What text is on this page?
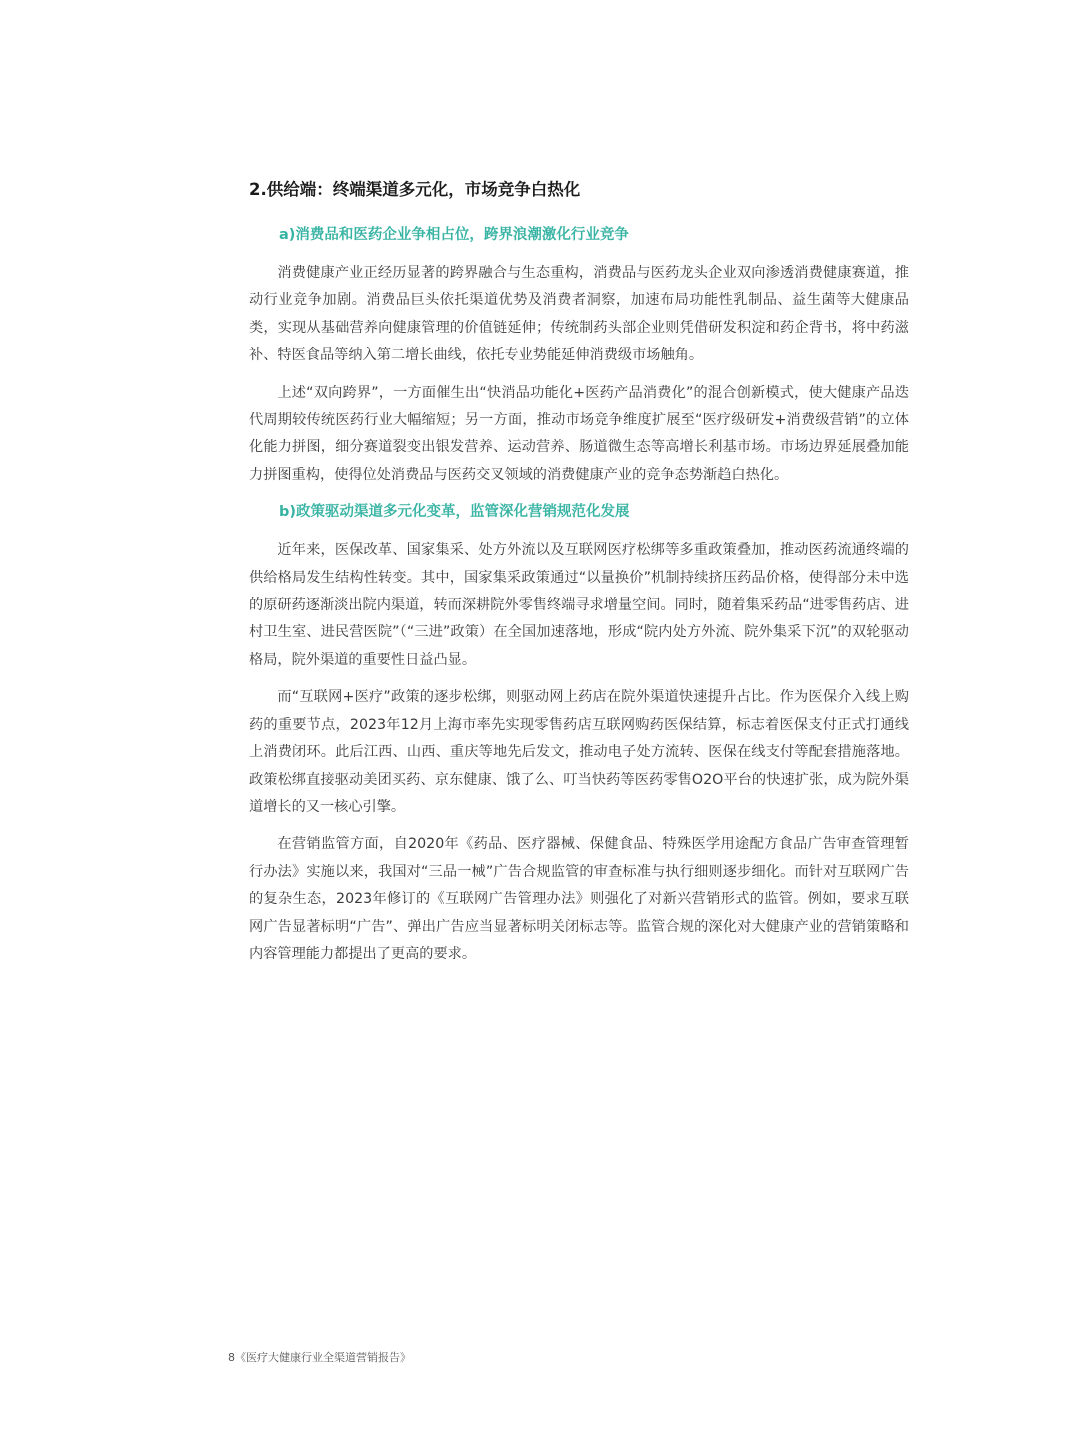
2.供给端：终端渠道多元化，市场竞争白热化
a)消费品和医药企业争相占位，跨界浪潮激化行业竞争

消费健康产业正经历显著的跨界融合与生态重构，消费品与医药龙头企业双向渗透消费健康赛道，推动行业竞争加剧。消费品巨头依托渠道优势及消费者洞察，加速布局功能性乳制品、益生菌等大健康品类，实现从基础营养向健康管理的价值链延伸；传统制药头部企业则凭借研发积淀和药企背书，将中药滋补、特医食品等纳入第二增长曲线，依托专业势能延伸消费级市场触角。

上述“双向跨界”，一方面催生出“快消品功能化+医药产品消费化”的混合创新模式，使大健康产品迭代周期较传统医药行业大幅缩短；另一方面，推动市场竞争维度扩展至“医疗级研发+消费级营销”的立体化能力拼图，细分赛道裂变出银发营养、运动营养、肠道微生态等高增长利基市场。市场边界延展叠加能力拼图重构，使得位处消费品与医药交叉领域的消费健康产业的竞争态势渐趋白热化。

b)政策驱动渠道多元化变革，监管深化营销规范化发展

近年来，医保改革、国家集采、处方外流以及互联网医疗松绑等多重政策叠加，推动医药流通终端的供给格局发生结构性转变。其中，国家集采政策通过“以量换价”机制持续挤压药品价格，使得部分未中选的原研药逐渐淡出院内渠道，转而深耕院外零售终端寻求增量空间。同时，随着集采药品“进零售药店、进村卫生室、进民营医院”（“三进”政策）在全国加速落地，形成“院内处方外流、院外集采下沉”的双轮驱动格局，院外渠道的重要性日益凸显。

而“互联网+医疗”政策的逐步松绑，则驱动网上药店在院外渠道快速提升占比。作为医保介入线上购药的重要节点，2023年12月上海市率先实现零售药店互联网购药医保结算，标志着医保支付正式打通线上消费闭环。此后江西、山西、重庆等地先后发文，推动电子处方流转、医保在线支付等配套措施落地。政策松绑直接驱动美团买药、京东健康、饿了么、叮当快药等医药零售O2O平台的快速扩张，成为院外渠道增长的又一核心引擎。

在营销监管方面，自2020年《药品、医疗器械、保健食品、特殊医学用途配方食品广告审查管理暂行办法》实施以来，我国对“三品一械”广告合规监管的审查标准与执行细则逐步细化。而针对互联网广告的复杂生态，2023年修订的《互联网广告管理办法》则强化了对新兴营销形式的监管。例如，要求互联网广告显著标明“广告”、弹出广告应当显著标明关闭标志等。监管合规的深化对大健康产业的营销策略和内容管理能力都提出了更高的要求。

8《医疗大健康行业全渠道营销报告》
